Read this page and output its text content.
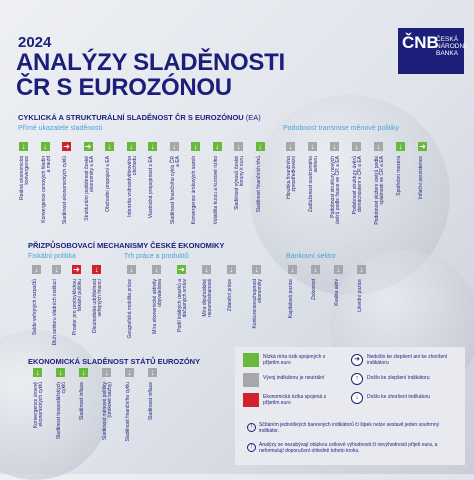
2024
ANALÝZY SLADĚNOSTI
ČR S EUROZÓNOU
ČNB
ČESKÁ
NÁRODNÍ
BANKA
CYKLICKÁ A STRUKTURÁLNÍ SLADĚNOST ČR S EUROZÓNOU (EA)
Přímé ukazatele sladěnosti	Podobnost transmise měnové politiky
PŘIZPŮSOBOVACÍ MECHANISMY ČESKÉ EKONOMIKY
Fiskální politika	Trh práce a produktů	Bankovní sektor
EKONOMICKÁ SLADĚNOST STÁTŮ EUROZÓNY
↓
Reálná ekonomická konvergence
↓
Konvergence cenových hladin a mezd
➜
Sladěnost ekonomických cyklů
➜
Strukturální podobnost české ekonomiky s EA
↓
Obchodní propojení s EA
↓
Intenzita vnitroodvětvového obchodu
↓
Vlastnická propojenost s EA
↓
Sladěnost finančního cyklu ČR a EA
↓
Konvergence úrokových sazeb
↓
Volatilita kurzu a kurzové riziko
↓
Sladěnost výnosů české koruny k euru
↓
Sladěnost finančních trhů
↓
Hloubka finančního zprostředkování
↓
Zadluženost soukromého sektoru
↓
Podobnost struktury nových úvěrů podle fixace ve ČR a EA
↓
Podobnost struktury úvěrů domácnostem v ČR a EA
↓
Podobnost složení úvěrů podle splatnosti ve ČR a EA
↓
Spotřební mezera
➜
Inflační perzistence
↓
Saldo veřejných rozpočtů
↓
Dluh sektoru vládních institucí
➜
Prostor pro proticyklickou fiskální politiku
↓
Dlouhodobá udržitelnost veřejných financí
↓
Geografická mobilita práce
↓
Míra ekonomické aktivity obyvatelstva
➜
Podíl krátkých úvazků a dočasných smluv
↓
Míra dlouhodobé nezaměstnanosti
↓
Zdanění práce
↓
Konkurenceschopnost ekonomiky
↓
Kapitálová pozice
↓
Ziskovost
↓
Kvalita aktiv
↓
Likvidní pozice
↓
Konvergence úrovně ekonomických cyklů
↓
Sladěnost hospodářských cyklů
↓
Sladěnost inflace
↓
Sladěnost měnové politiky (úrokové sazby)
↓
Sladěnost finančního cyklu
↓
Sladěnost inflace
Nízká míra rizik spojených s přijetím euro
Vývoj indikátoru je neutrální
Ekonomická rizika spojená s přijetím euro
➜	Nedošlo ke zlepšení ani ke zhoršení indikátoru
↑	Došlo ke zlepšení indikátoru
↓	Došlo ke zhoršení indikátoru
!	Sčítáním jednotlivých barevných indikátorů či šipek nelze sestavit jeden souhrnný indikátor.
!	Analýzy se nezabývají otázkou celkové výhodnosti či nevýhodnosti přijetí eura, a neformulují doporučení ohledně tohoto kroku.
